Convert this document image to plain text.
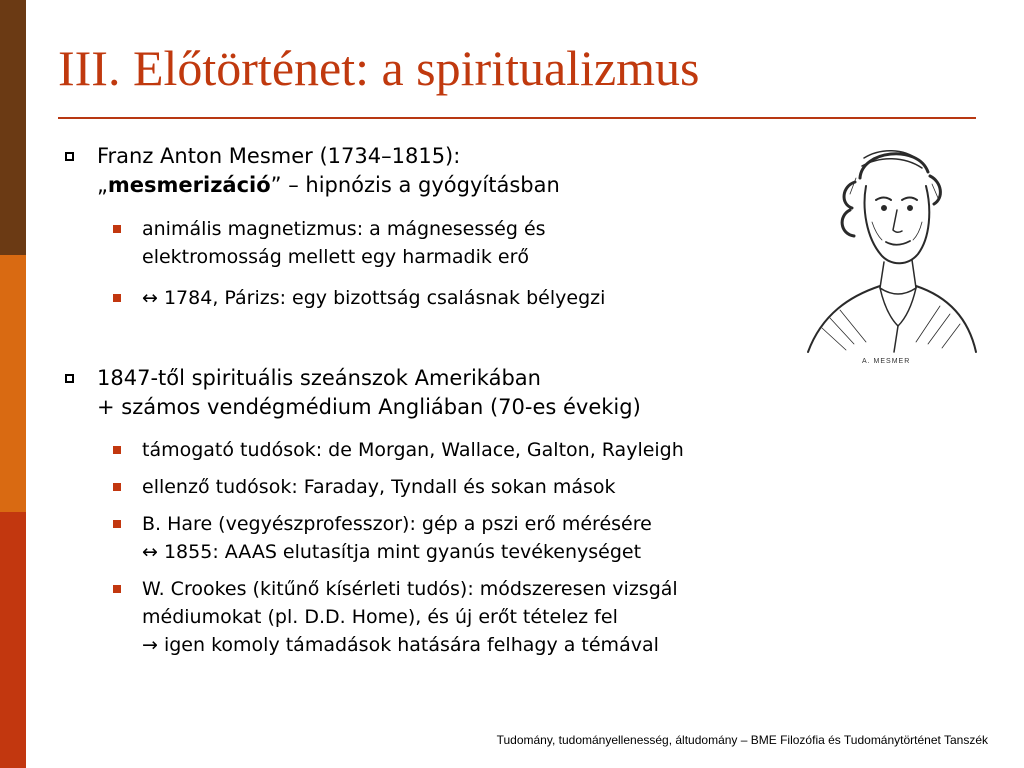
III. Előtörténet: a spiritualizmus
Franz Anton Mesmer (1734–1815):
„mesmerizáció” – hipnózis a gyógyításban
animális magnetizmus: a mágnesesség és
elektromosság mellett egy harmadik erő
↔ 1784, Párizs: egy bizottság csalásnak bélyegzi
1847-től spirituális szeánszok Amerikában
+ számos vendégmédium Angliában (70-es évekig)
támogató tudósok: de Morgan, Wallace, Galton, Rayleigh
ellenző tudósok: Faraday, Tyndall és sokan mások
B. Hare (vegyészprofesszor): gép a pszi erő mérésére
↔ 1855: AAAS elutasítja mint gyanús tevékenységet
W. Crookes (kitűnő kísérleti tudós): módszeresen vizsgál
médiumokat (pl. D.D. Home), és új erőt tételez fel
→ igen komoly támadások hatására felhagy a témával
A. MESMER
Tudomány, tudományellenesség, áltudomány – BME Filozófia és Tudománytörténet Tanszék
